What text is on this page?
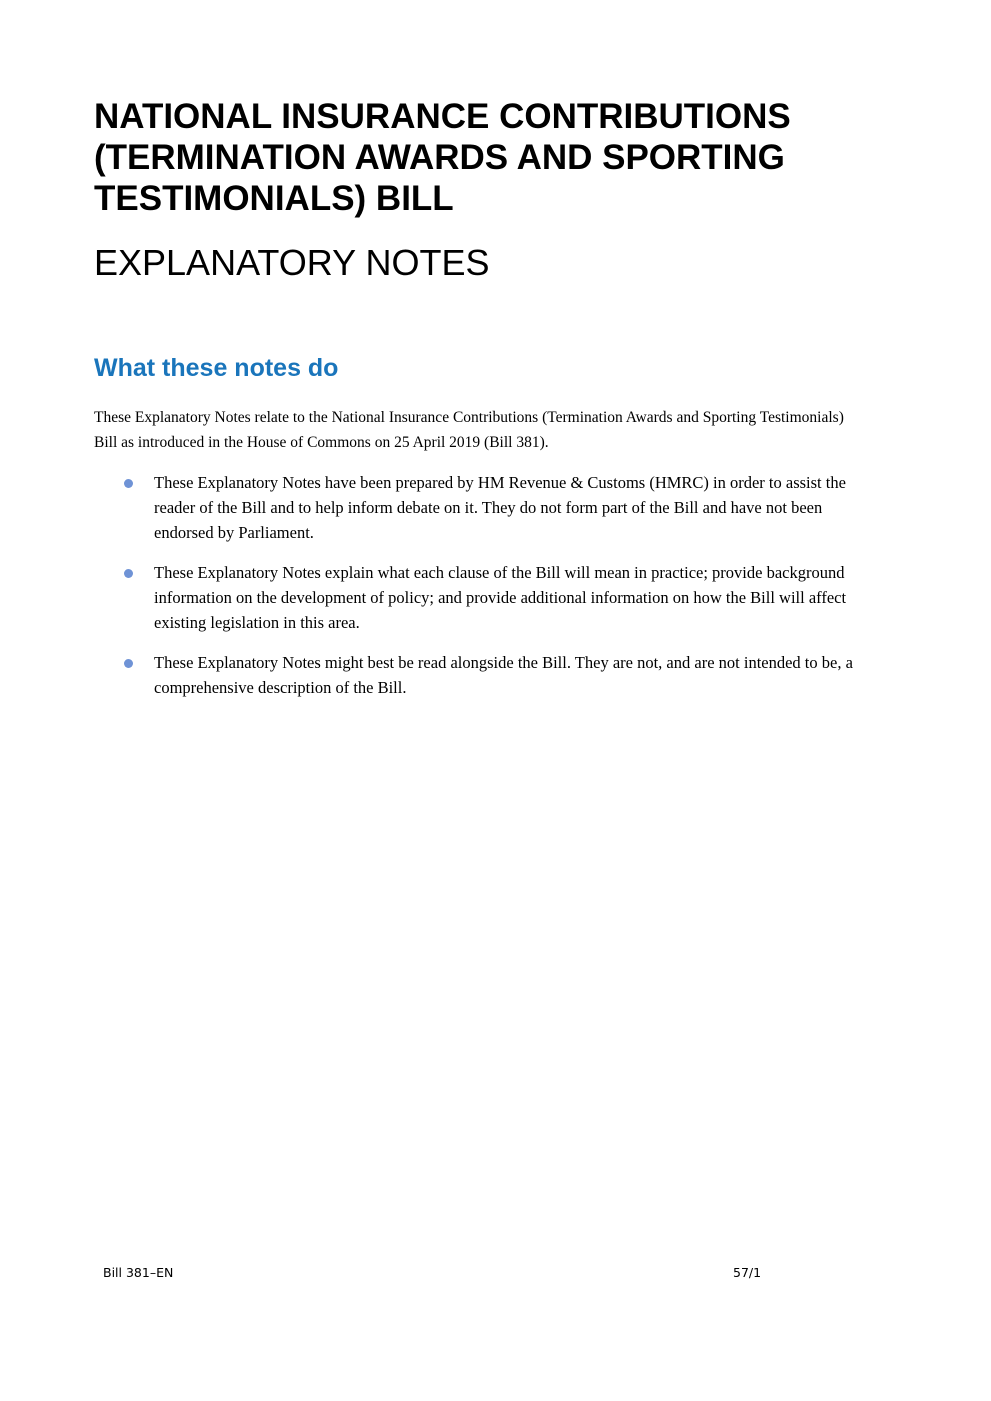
NATIONAL INSURANCE CONTRIBUTIONS (TERMINATION AWARDS AND SPORTING TESTIMONIALS) BILL
EXPLANATORY NOTES
What these notes do

These Explanatory Notes relate to the National Insurance Contributions (Termination Awards and Sporting Testimonials) Bill as introduced in the House of Commons on 25 April 2019 (Bill 381).

These Explanatory Notes have been prepared by HM Revenue & Customs (HMRC) in order to assist the reader of the Bill and to help inform debate on it. They do not form part of the Bill and have not been endorsed by Parliament.
These Explanatory Notes explain what each clause of the Bill will mean in practice; provide background information on the development of policy; and provide additional information on how the Bill will affect existing legislation in this area.
These Explanatory Notes might best be read alongside the Bill. They are not, and are not intended to be, a comprehensive description of the Bill.
Bill 381–EN	57/1
